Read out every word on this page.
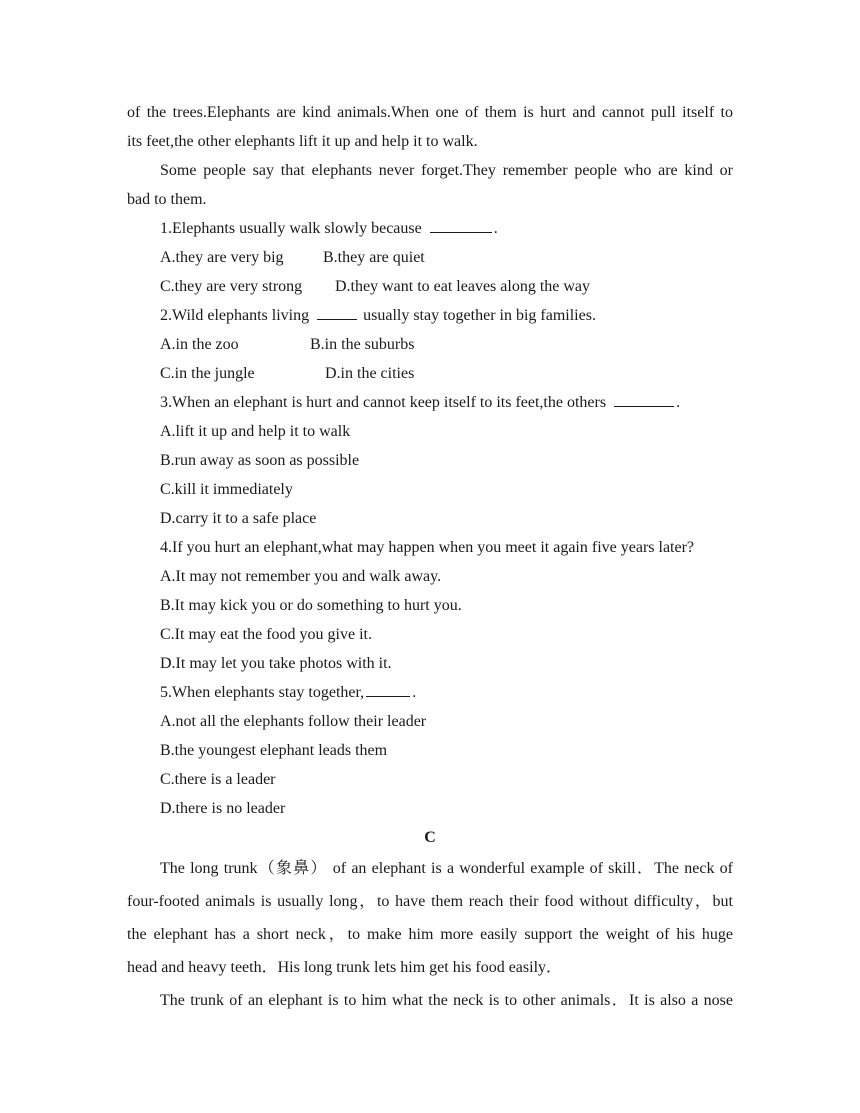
of the trees.Elephants are kind animals.When one of them is hurt and cannot pull itself to
its feet,the other elephants lift it up and help it to walk.
Some people say that elephants never forget.They remember people who are kind or
bad to them.
1.Elephants usually walk slowly because	.
A.they are very big B.they are quiet
C.they are very strong D.they want to eat leaves along the way
2.Wild elephants living	usually stay together in big families.
A.in the zoo	B.in the suburbs
C.in the jungle	D.in the cities
3.When an elephant is hurt and cannot keep itself to its feet,the others	.
A.lift it up and help it to walk
B.run away as soon as possible
C.kill it immediately
D.carry it to a safe place
4.If you hurt an elephant,what may happen when you meet it again five years later?
A.It may not remember you and walk away.
B.It may kick you or do something to hurt you.
C.It may eat the food you give it.
D.It may let you take photos with it.
5.When elephants stay together,	.
A.not all the elephants follow their leader
B.the youngest elephant leads them
C.there is a leader
D.there is no leader
C
The long trunk（象鼻） of an elephant is a wonderful example of skill．The neck of
four-footed animals is usually long，to have them reach their food without difficulty，but
the elephant has a short neck，to make him more easily support the weight of his huge
head and heavy teeth．His long trunk lets him get his food easily．
The trunk of an elephant is to him what the neck is to other animals．It is also a nose
